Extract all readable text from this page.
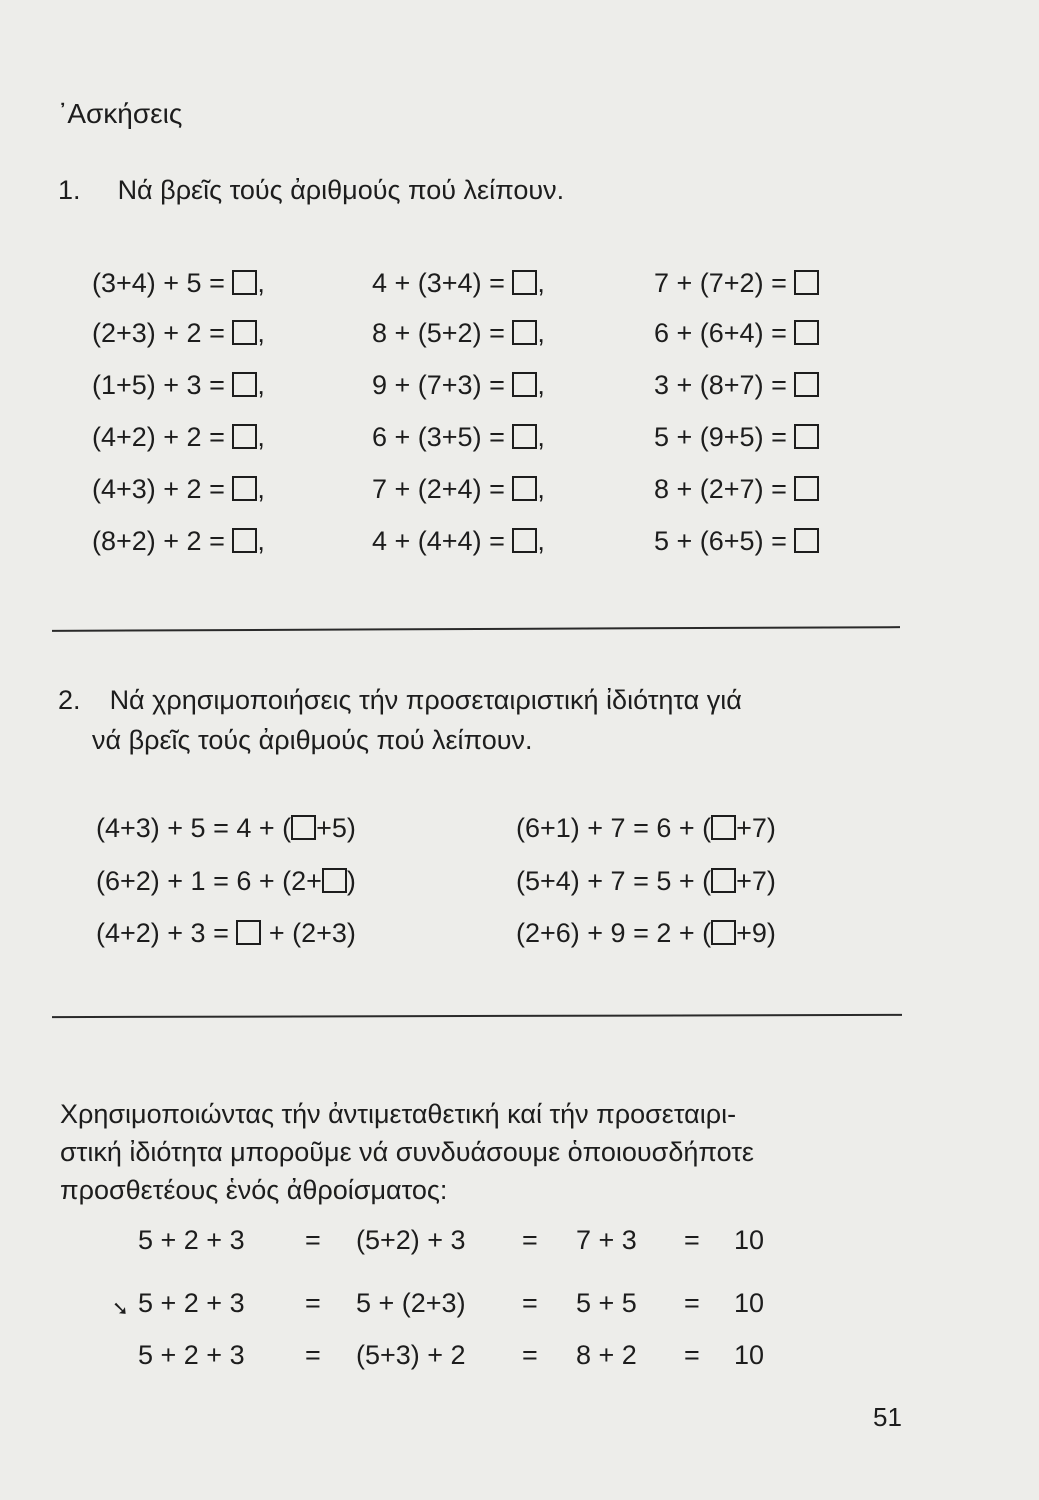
᾿Ασκήσεις
1. Νά βρεῖς τούς ἀριθμούς πού λείπουν.
(3+4) + 5 = ,
(2+3) + 2 = ,
(1+5) + 3 = ,
(4+2) + 2 = ,
(4+3) + 2 = ,
(8+2) + 2 = ,
4 + (3+4) = ,
8 + (5+2) = ,
9 + (7+3) = ,
6 + (3+5) = ,
7 + (2+4) = ,
4 + (4+4) = ,
7 + (7+2) =
6 + (6+4) =
3 + (8+7) =
5 + (9+5) =
8 + (2+7) =
5 + (6+5) =
2. Νά χρησιμοποιήσεις τήν προσεταιριστική ἰδιότητα γιά
νά βρεῖς τούς ἀριθμούς πού λείπουν.
(4+3) + 5 = 4 + ( +5)
(6+2) + 1 = 6 + (2+ )
(4+2) + 3 =  + (2+3)
(6+1) + 7 = 6 + ( +7)
(5+4) + 7 = 5 + ( +7)
(2+6) + 9 = 2 + ( +9)
Χρησιμοποιώντας τήν ἀντιμεταθετική καί τήν προσεταιρι-
στική ἰδιότητα μποροῦμε νά συνδυάσουμε ὁποιουσδήποτε
προσθετέους ἑνός ἀθροίσματος:
5 + 2 + 3 = (5+2) + 3 = 7 + 3 = 10
5 + 2 + 3 = 5 + (2+3) = 5 + 5 = 10
5 + 2 + 3 = (5+3) + 2 = 8 + 2 = 10
➘
51
